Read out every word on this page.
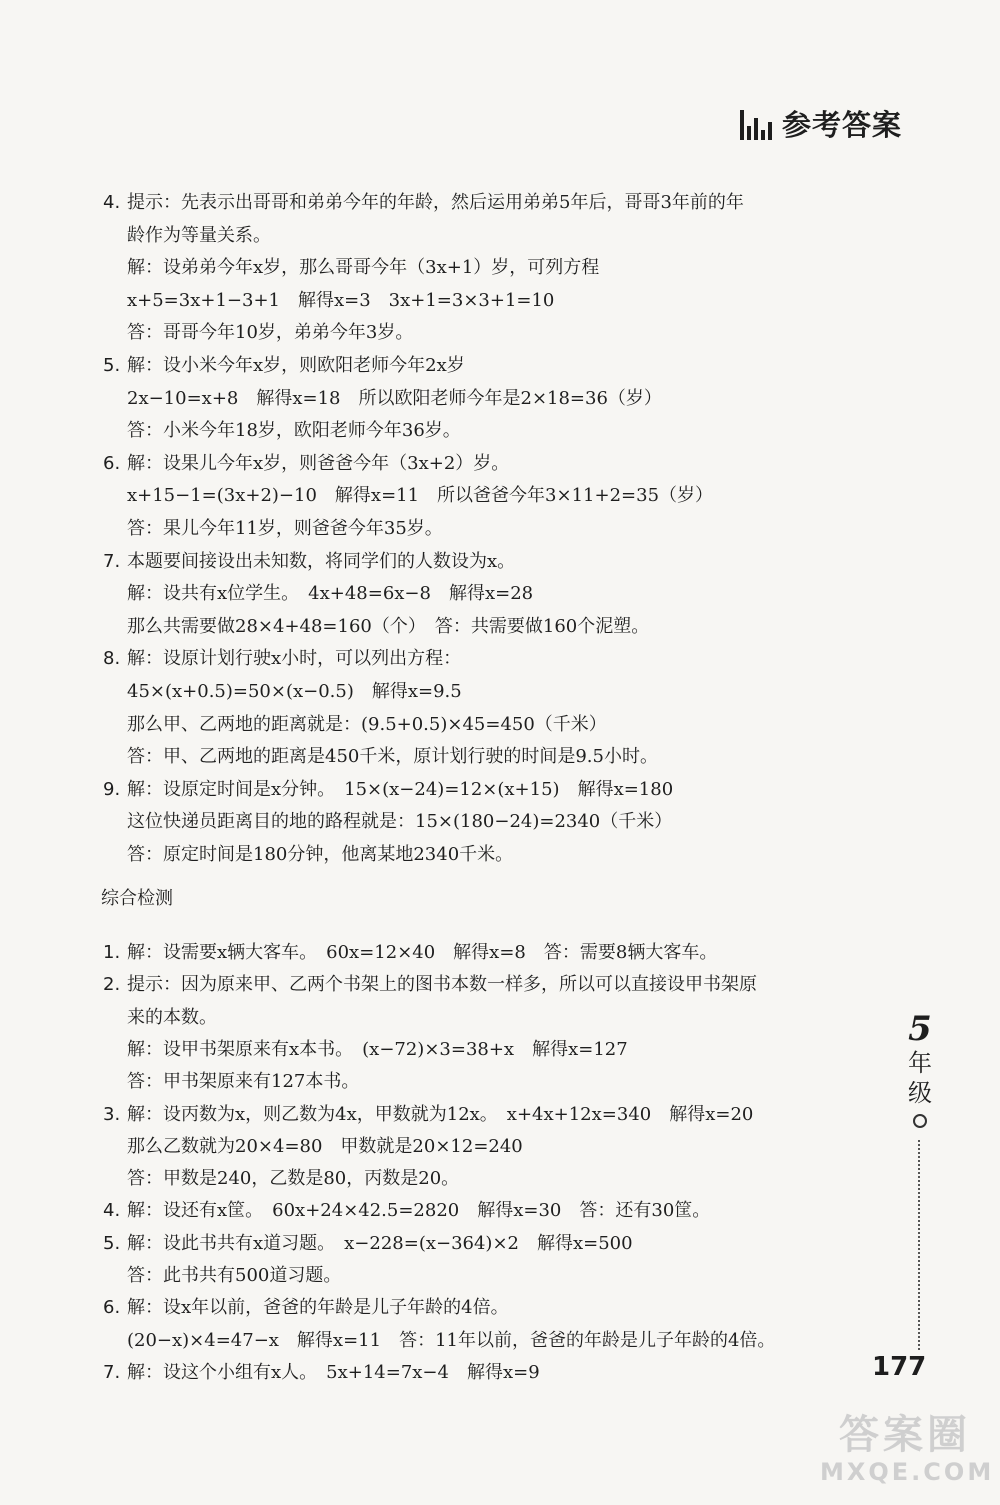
参考答案
4. 提示：先表示出哥哥和弟弟今年的年龄，然后运用弟弟5年后，哥哥3年前的年
龄作为等量关系。
解：设弟弟今年x岁，那么哥哥今年（3x+1）岁，可列方程
x+5=3x+1−3+1　解得x=3　3x+1=3×3+1=10
答：哥哥今年10岁，弟弟今年3岁。
5. 解：设小米今年x岁，则欧阳老师今年2x岁
2x−10=x+8　解得x=18　所以欧阳老师今年是2×18=36（岁）
答：小米今年18岁，欧阳老师今年36岁。
6. 解：设果儿今年x岁，则爸爸今年（3x+2）岁。
x+15−1=(3x+2)−10　解得x=11　所以爸爸今年3×11+2=35（岁）
答：果儿今年11岁，则爸爸今年35岁。
7. 本题要间接设出未知数，将同学们的人数设为x。
解：设共有x位学生。　4x+48=6x−8　解得x=28
那么共需要做28×4+48=160（个）　答：共需要做160个泥塑。
8. 解：设原计划行驶x小时，可以列出方程：
45×(x+0.5)=50×(x−0.5)　解得x=9.5
那么甲、乙两地的距离就是：(9.5+0.5)×45=450（千米）
答：甲、乙两地的距离是450千米，原计划行驶的时间是9.5小时。
9. 解：设原定时间是x分钟。　15×(x−24)=12×(x+15)　解得x=180
这位快递员距离目的地的路程就是：15×(180−24)=2340（千米）
答：原定时间是180分钟，他离某地2340千米。
综合检测
1. 解：设需要x辆大客车。　60x=12×40　解得x=8　答：需要8辆大客车。
2. 提示：因为原来甲、乙两个书架上的图书本数一样多，所以可以直接设甲书架原
来的本数。
解：设甲书架原来有x本书。　(x−72)×3=38+x　解得x=127
答：甲书架原来有127本书。
3. 解：设丙数为x，则乙数为4x，甲数就为12x。　x+4x+12x=340　解得x=20
那么乙数就为20×4=80　甲数就是20×12=240
答：甲数是240，乙数是80，丙数是20。
4. 解：设还有x筐。　60x+24×42.5=2820　解得x=30　答：还有30筐。
5. 解：设此书共有x道习题。　x−228=(x−364)×2　解得x=500
答：此书共有500道习题。
6. 解：设x年以前，爸爸的年龄是儿子年龄的4倍。
(20−x)×4=47−x　解得x=11　答：11年以前，爸爸的年龄是儿子年龄的4倍。
7. 解：设这个小组有x人。　5x+14=7x−4　解得x=9
5
年级
177
答案圈
MXQE.COM
